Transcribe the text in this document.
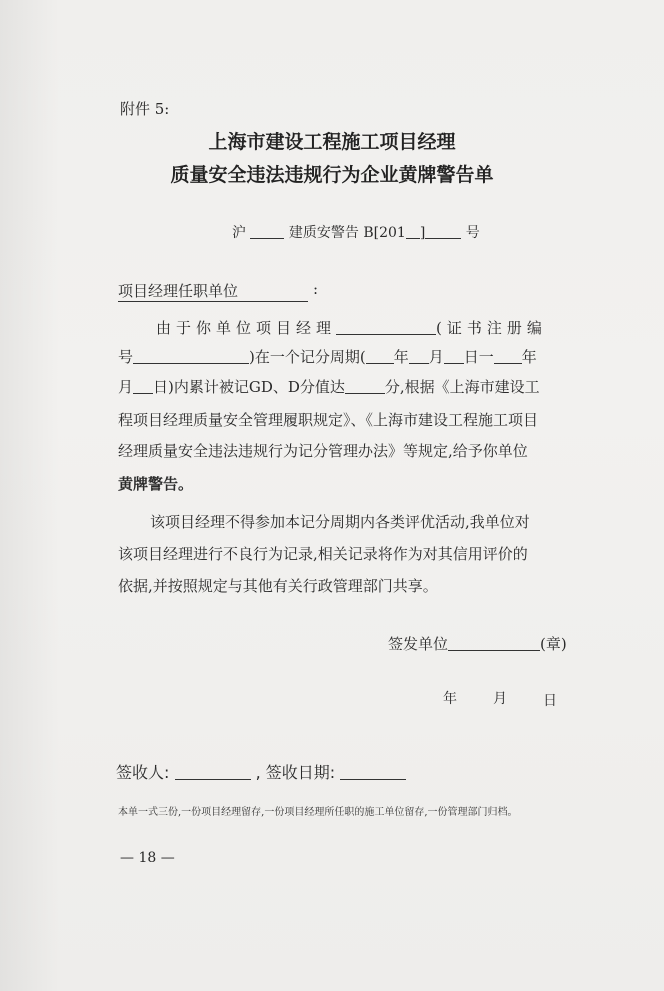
附件 5:
上海市建设工程施工项目经理
质量安全违法违规行为企业黄牌警告单
沪	建质安警告 B[201 ]	号
项目经理任职单位	:
由于你单位项目经理	(证书注册编
号	)在一个记分周期( 年 月 日一 年
月 日)内累计被记GD、D分值达	分,根据《上海市建设工
程项目经理质量安全管理履职规定》、《上海市建设工程施工项目
经理质量安全违法违规行为记分管理办法》等规定,给予你单位
黄牌警告。
该项目经理不得参加本记分周期内各类评优活动,我单位对
该项目经理进行不良行为记录,相关记录将作为对其信用评价的
依据,并按照规定与其他有关行政管理部门共享。
签发单位	(章)
年	月	日
签收人:	, 签收日期:
本单一式三份,一份项目经理留存,一份项目经理所任职的施工单位留存,一份管理部门归档。
— 18 —
